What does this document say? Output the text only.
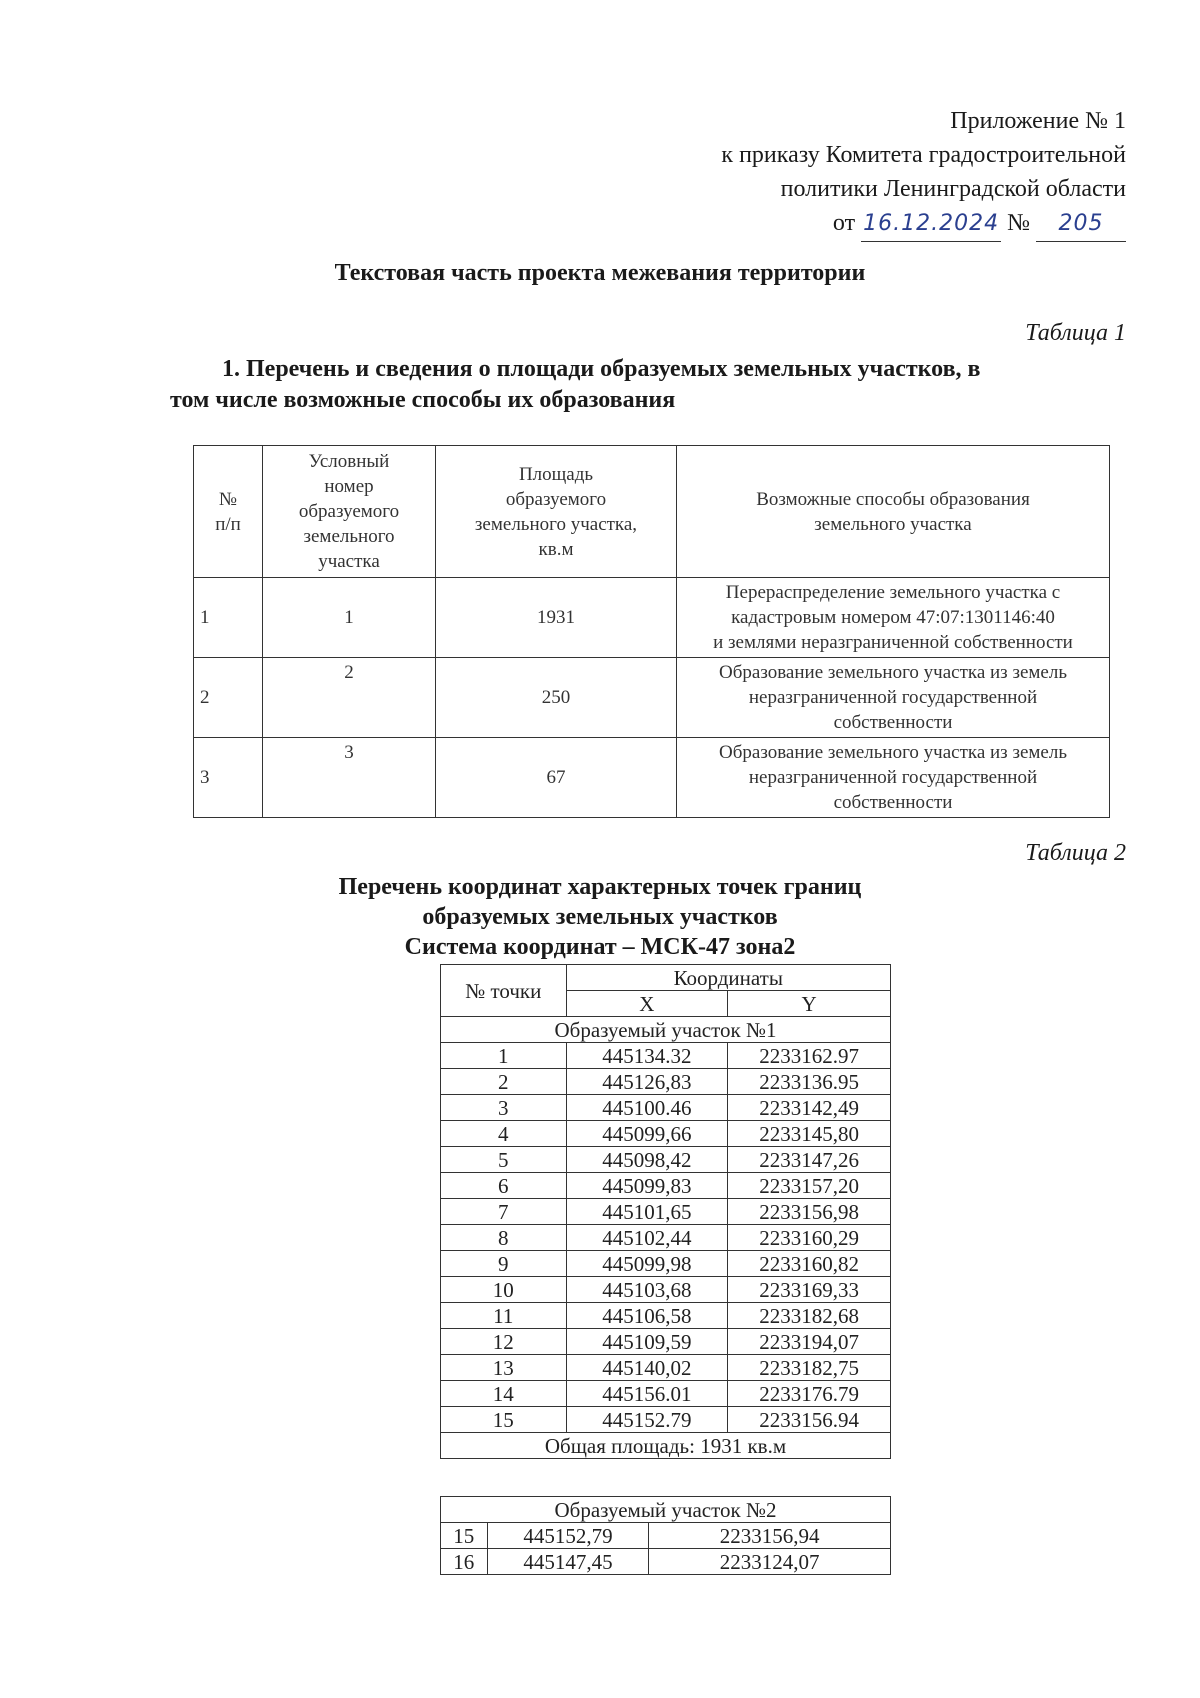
Приложение № 1
к приказу Комитета градостроительной
политики Ленинградской области
от 16.12.2024 № 205
Текстовая часть проекта межевания территории
Таблица 1
1. Перечень и сведения о площади образуемых земельных участков, в
том числе возможные способы их образования
№
п/п	Условный
номер
образуемого
земельного
участка	Площадь
образуемого
земельного участка,
кв.м	Возможные способы образования
земельного участка
1	1	1931	Перераспределение земельного участка с
кадастровым номером 47:07:1301146:40
и землями неразграниченной собственности
2	2	250	Образование земельного участка из земель
неразграниченной государственной
собственности
3	3	67	Образование земельного участка из земель
неразграниченной государственной
собственности
Таблица 2
Перечень координат характерных точек границ
образуемых земельных участков
Система координат – МСК-47 зона2
№ точки	Координаты	
	X	Y
Образуемый участок №1		
1	445134.32	2233162.97
2	445126,83	2233136.95
3	445100.46	2233142,49
4	445099,66	2233145,80
5	445098,42	2233147,26
6	445099,83	2233157,20
7	445101,65	2233156,98
8	445102,44	2233160,29
9	445099,98	2233160,82
10	445103,68	2233169,33
11	445106,58	2233182,68
12	445109,59	2233194,07
13	445140,02	2233182,75
14	445156.01	2233176.79
15	445152.79	2233156.94
Общая площадь: 1931 кв.м		
Образуемый участок №2		
15	445152,79	2233156,94
16	445147,45	2233124,07
